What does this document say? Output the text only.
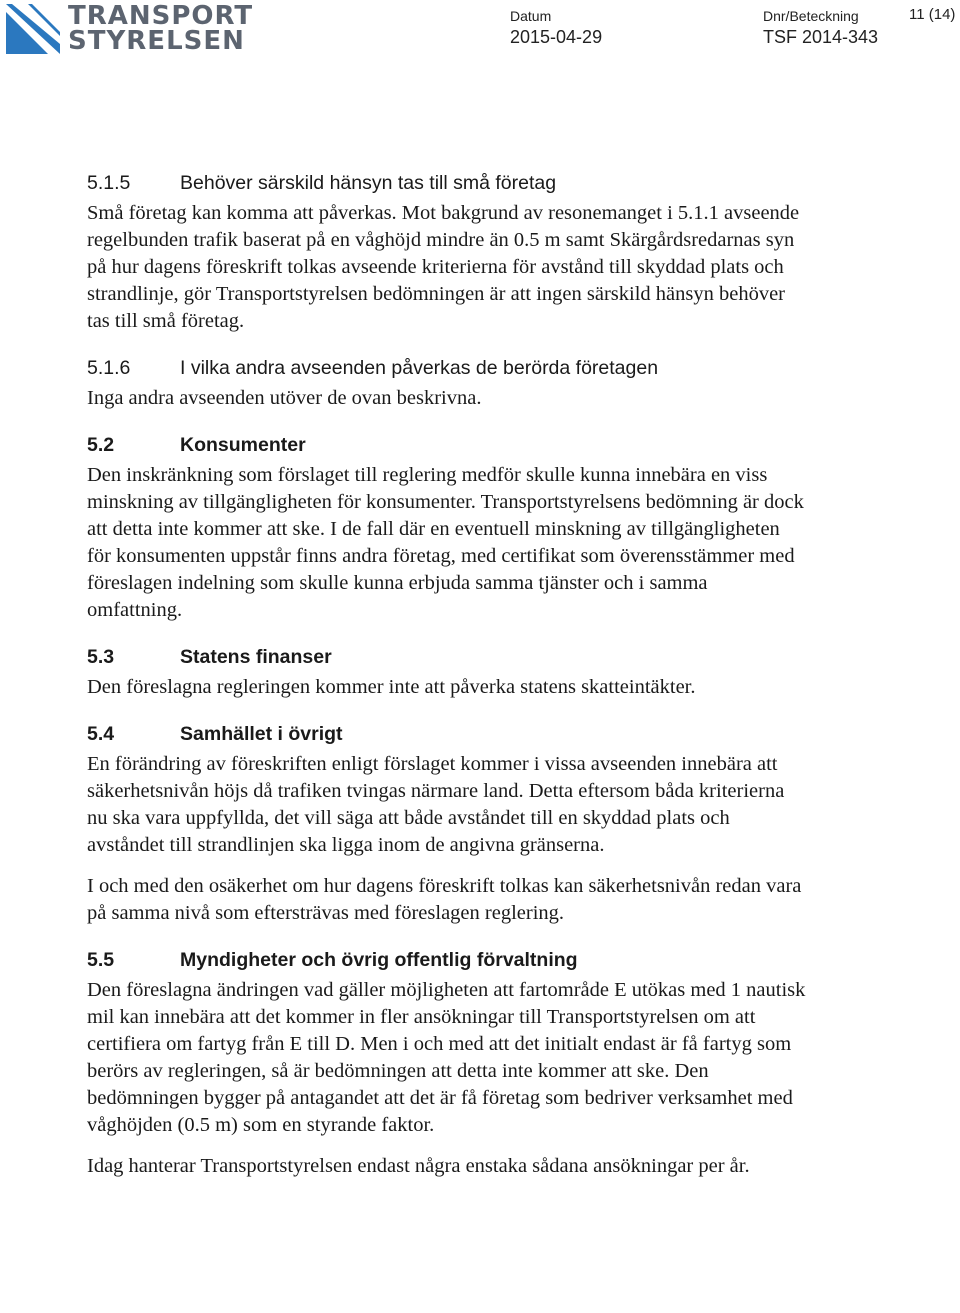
TRANSPORT
STYRELSEN
Datum
2015-04-29
Dnr/Beteckning
TSF 2014-343
11 (14)
5.1.5	Behöver särskild hänsyn tas till små företag

Små företag kan komma att påverkas. Mot bakgrund av resonemanget i 5.1.1 avseende regelbunden trafik baserat på en våghöjd mindre än 0.5 m samt Skärgårdsredarnas syn på hur dagens föreskrift tolkas avseende kriterierna för avstånd till skyddad plats och strandlinje, gör Transportstyrelsen bedömningen är att ingen särskild hänsyn behöver tas till små företag.

5.1.6	I vilka andra avseenden påverkas de berörda företagen

Inga andra avseenden utöver de ovan beskrivna.

5.2	Konsumenter

Den inskränkning som förslaget till reglering medför skulle kunna innebära en viss minskning av tillgängligheten för konsumenter. Transportstyrelsens bedömning är dock att detta inte kommer att ske. I de fall där en eventuell minskning av tillgängligheten för konsumenten uppstår finns andra företag, med certifikat som överensstämmer med föreslagen indelning som skulle kunna erbjuda samma tjänster och i samma omfattning.

5.3	Statens finanser

Den föreslagna regleringen kommer inte att påverka statens skatteintäkter.

5.4	Samhället i övrigt

En förändring av föreskriften enligt förslaget kommer i vissa avseenden innebära att säkerhetsnivån höjs då trafiken tvingas närmare land. Detta eftersom båda kriterierna nu ska vara uppfyllda, det vill säga att både avståndet till en skyddad plats och avståndet till strandlinjen ska ligga inom de angivna gränserna.

I och med den osäkerhet om hur dagens föreskrift tolkas kan säkerhetsnivån redan vara på samma nivå som eftersträvas med föreslagen reglering.

5.5	Myndigheter och övrig offentlig förvaltning

Den föreslagna ändringen vad gäller möjligheten att fartområde E utökas med 1 nautisk mil kan innebära att det kommer in fler ansökningar till Transportstyrelsen om att certifiera om fartyg från E till D. Men i och med att det initialt endast är få fartyg som berörs av regleringen, så är bedömningen att detta inte kommer att ske. Den bedömningen bygger på antagandet att det är få företag som bedriver verksamhet med våghöjden (0.5 m) som en styrande faktor.

Idag hanterar Transportstyrelsen endast några enstaka sådana ansökningar per år.
